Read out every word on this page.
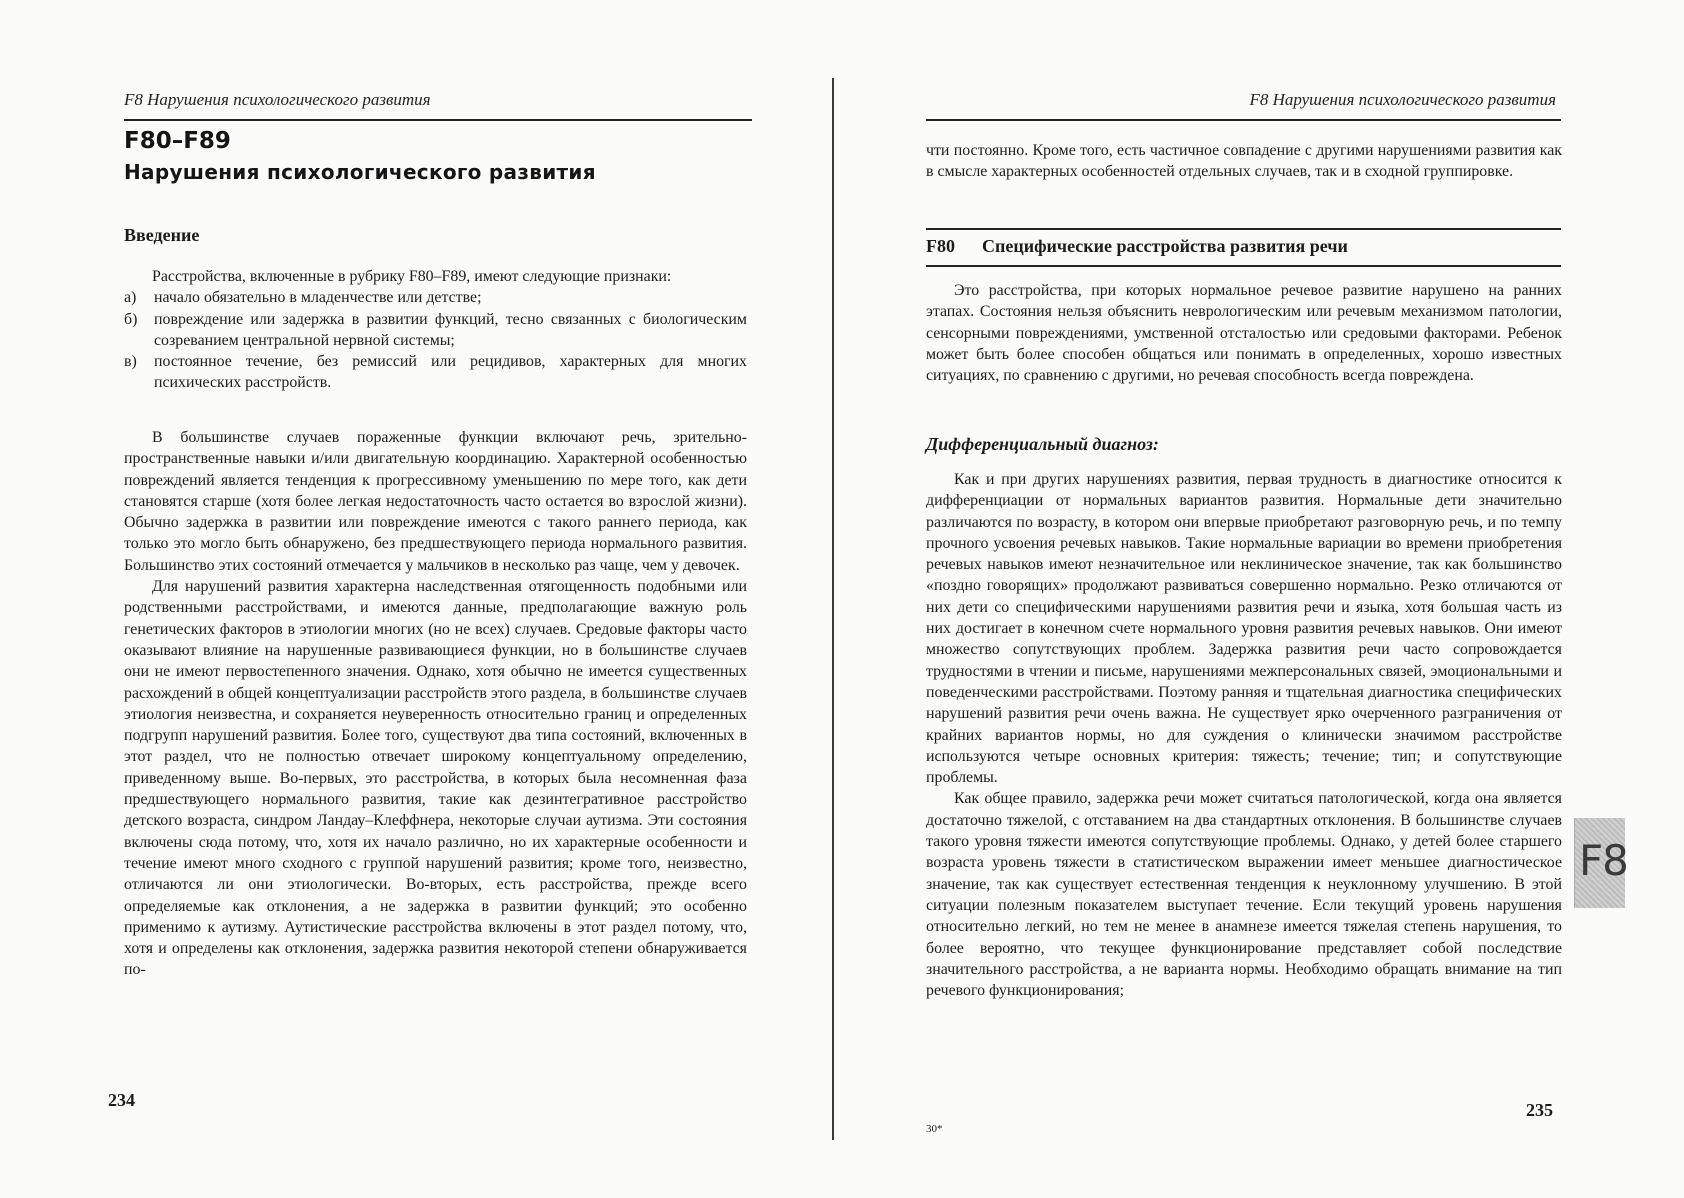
F8 Нарушения психологического развития
F80–F89
Нарушения психологического развития
Введение

Расстройства, включенные в рубрику F80–F89, имеют следующие признаки:

а) начало обязательно в младенчестве или детстве;
б) повреждение или задержка в развитии функций, тесно связанных с биологическим созреванием центральной нервной системы;
в) постоянное течение, без ремиссий или рецидивов, характерных для многих психических расстройств.

В большинстве случаев пораженные функции включают речь, зрительно-пространственные навыки и/или двигательную координацию. Характерной особенностью повреждений является тенденция к прогрессивному уменьшению по мере того, как дети становятся старше (хотя более легкая недостаточность часто остается во взрослой жизни). Обычно задержка в развитии или повреждение имеются с такого раннего периода, как только это могло быть обнаружено, без предшествующего периода нормального развития. Большинство этих состояний отмечается у мальчиков в несколько раз чаще, чем у девочек.

Для нарушений развития характерна наследственная отягощенность подобными или родственными расстройствами, и имеются данные, предполагающие важную роль генетических факторов в этиологии многих (но не всех) случаев. Средовые факторы часто оказывают влияние на нарушенные развивающиеся функции, но в большинстве случаев они не имеют первостепенного значения. Однако, хотя обычно не имеется существенных расхождений в общей концептуализации расстройств этого раздела, в большинстве случаев этиология неизвестна, и сохраняется неуверенность относительно границ и определенных подгрупп нарушений развития. Более того, существуют два типа состояний, включенных в этот раздел, что не полностью отвечает широкому концептуальному определению, приведенному выше. Во-первых, это расстройства, в которых была несомненная фаза предшествующего нормального развития, такие как дезинтегративное расстройство детского возраста, синдром Ландау–Клеффнера, некоторые случаи аутизма. Эти состояния включены сюда потому, что, хотя их начало различно, но их характерные особенности и течение имеют много сходного с группой нарушений развития; кроме того, неизвестно, отличаются ли они этиологически. Во-вторых, есть расстройства, прежде всего определяемые как отклонения, а не задержка в развитии функций; это особенно применимо к аутизму. Аутистические расстройства включены в этот раздел потому, что, хотя и определены как отклонения, задержка развития некоторой степени обнаруживается по-

234
F8 Нарушения психологического развития

чти постоянно. Кроме того, есть частичное совпадение с другими нарушениями развития как в смысле характерных особенностей отдельных случаев, так и в сходной группировке.

F80 Специфические расстройства развития речи

Это расстройства, при которых нормальное речевое развитие нарушено на ранних этапах. Состояния нельзя объяснить неврологическим или речевым механизмом патологии, сенсорными повреждениями, умственной отсталостью или средовыми факторами. Ребенок может быть более способен общаться или понимать в определенных, хорошо известных ситуациях, по сравнению с другими, но речевая способность всегда повреждена.

Дифференциальный диагноз:

Как и при других нарушениях развития, первая трудность в диагностике относится к дифференциации от нормальных вариантов развития. Нормальные дети значительно различаются по возрасту, в котором они впервые приобретают разговорную речь, и по темпу прочного усвоения речевых навыков. Такие нормальные вариации во времени приобретения речевых навыков имеют незначительное или неклиническое значение, так как большинство «поздно говорящих» продолжают развиваться совершенно нормально. Резко отличаются от них дети со специфическими нарушениями развития речи и языка, хотя большая часть из них достигает в конечном счете нормального уровня развития речевых навыков. Они имеют множество сопутствующих проблем. Задержка развития речи часто сопровождается трудностями в чтении и письме, нарушениями межперсональных связей, эмоциональными и поведенческими расстройствами. Поэтому ранняя и тщательная диагностика специфических нарушений развития речи очень важна. Не существует ярко очерченного разграничения от крайних вариантов нормы, но для суждения о клинически значимом расстройстве используются четыре основных критерия: тяжесть; течение; тип; и сопутствующие проблемы.

Как общее правило, задержка речи может считаться патологической, когда она является достаточно тяжелой, с отставанием на два стандартных отклонения. В большинстве случаев такого уровня тяжести имеются сопутствующие проблемы. Однако, у детей более старшего возраста уровень тяжести в статистическом выражении имеет меньшее диагностическое значение, так как существует естественная тенденция к неуклонному улучшению. В этой ситуации полезным показателем выступает течение. Если текущий уровень нарушения относительно легкий, но тем не менее в анамнезе имеется тяжелая степень нарушения, то более вероятно, что текущее функционирование представляет собой последствие значительного расстройства, а не варианта нормы. Необходимо обращать внимание на тип речевого функционирования;

30*
235
F8
